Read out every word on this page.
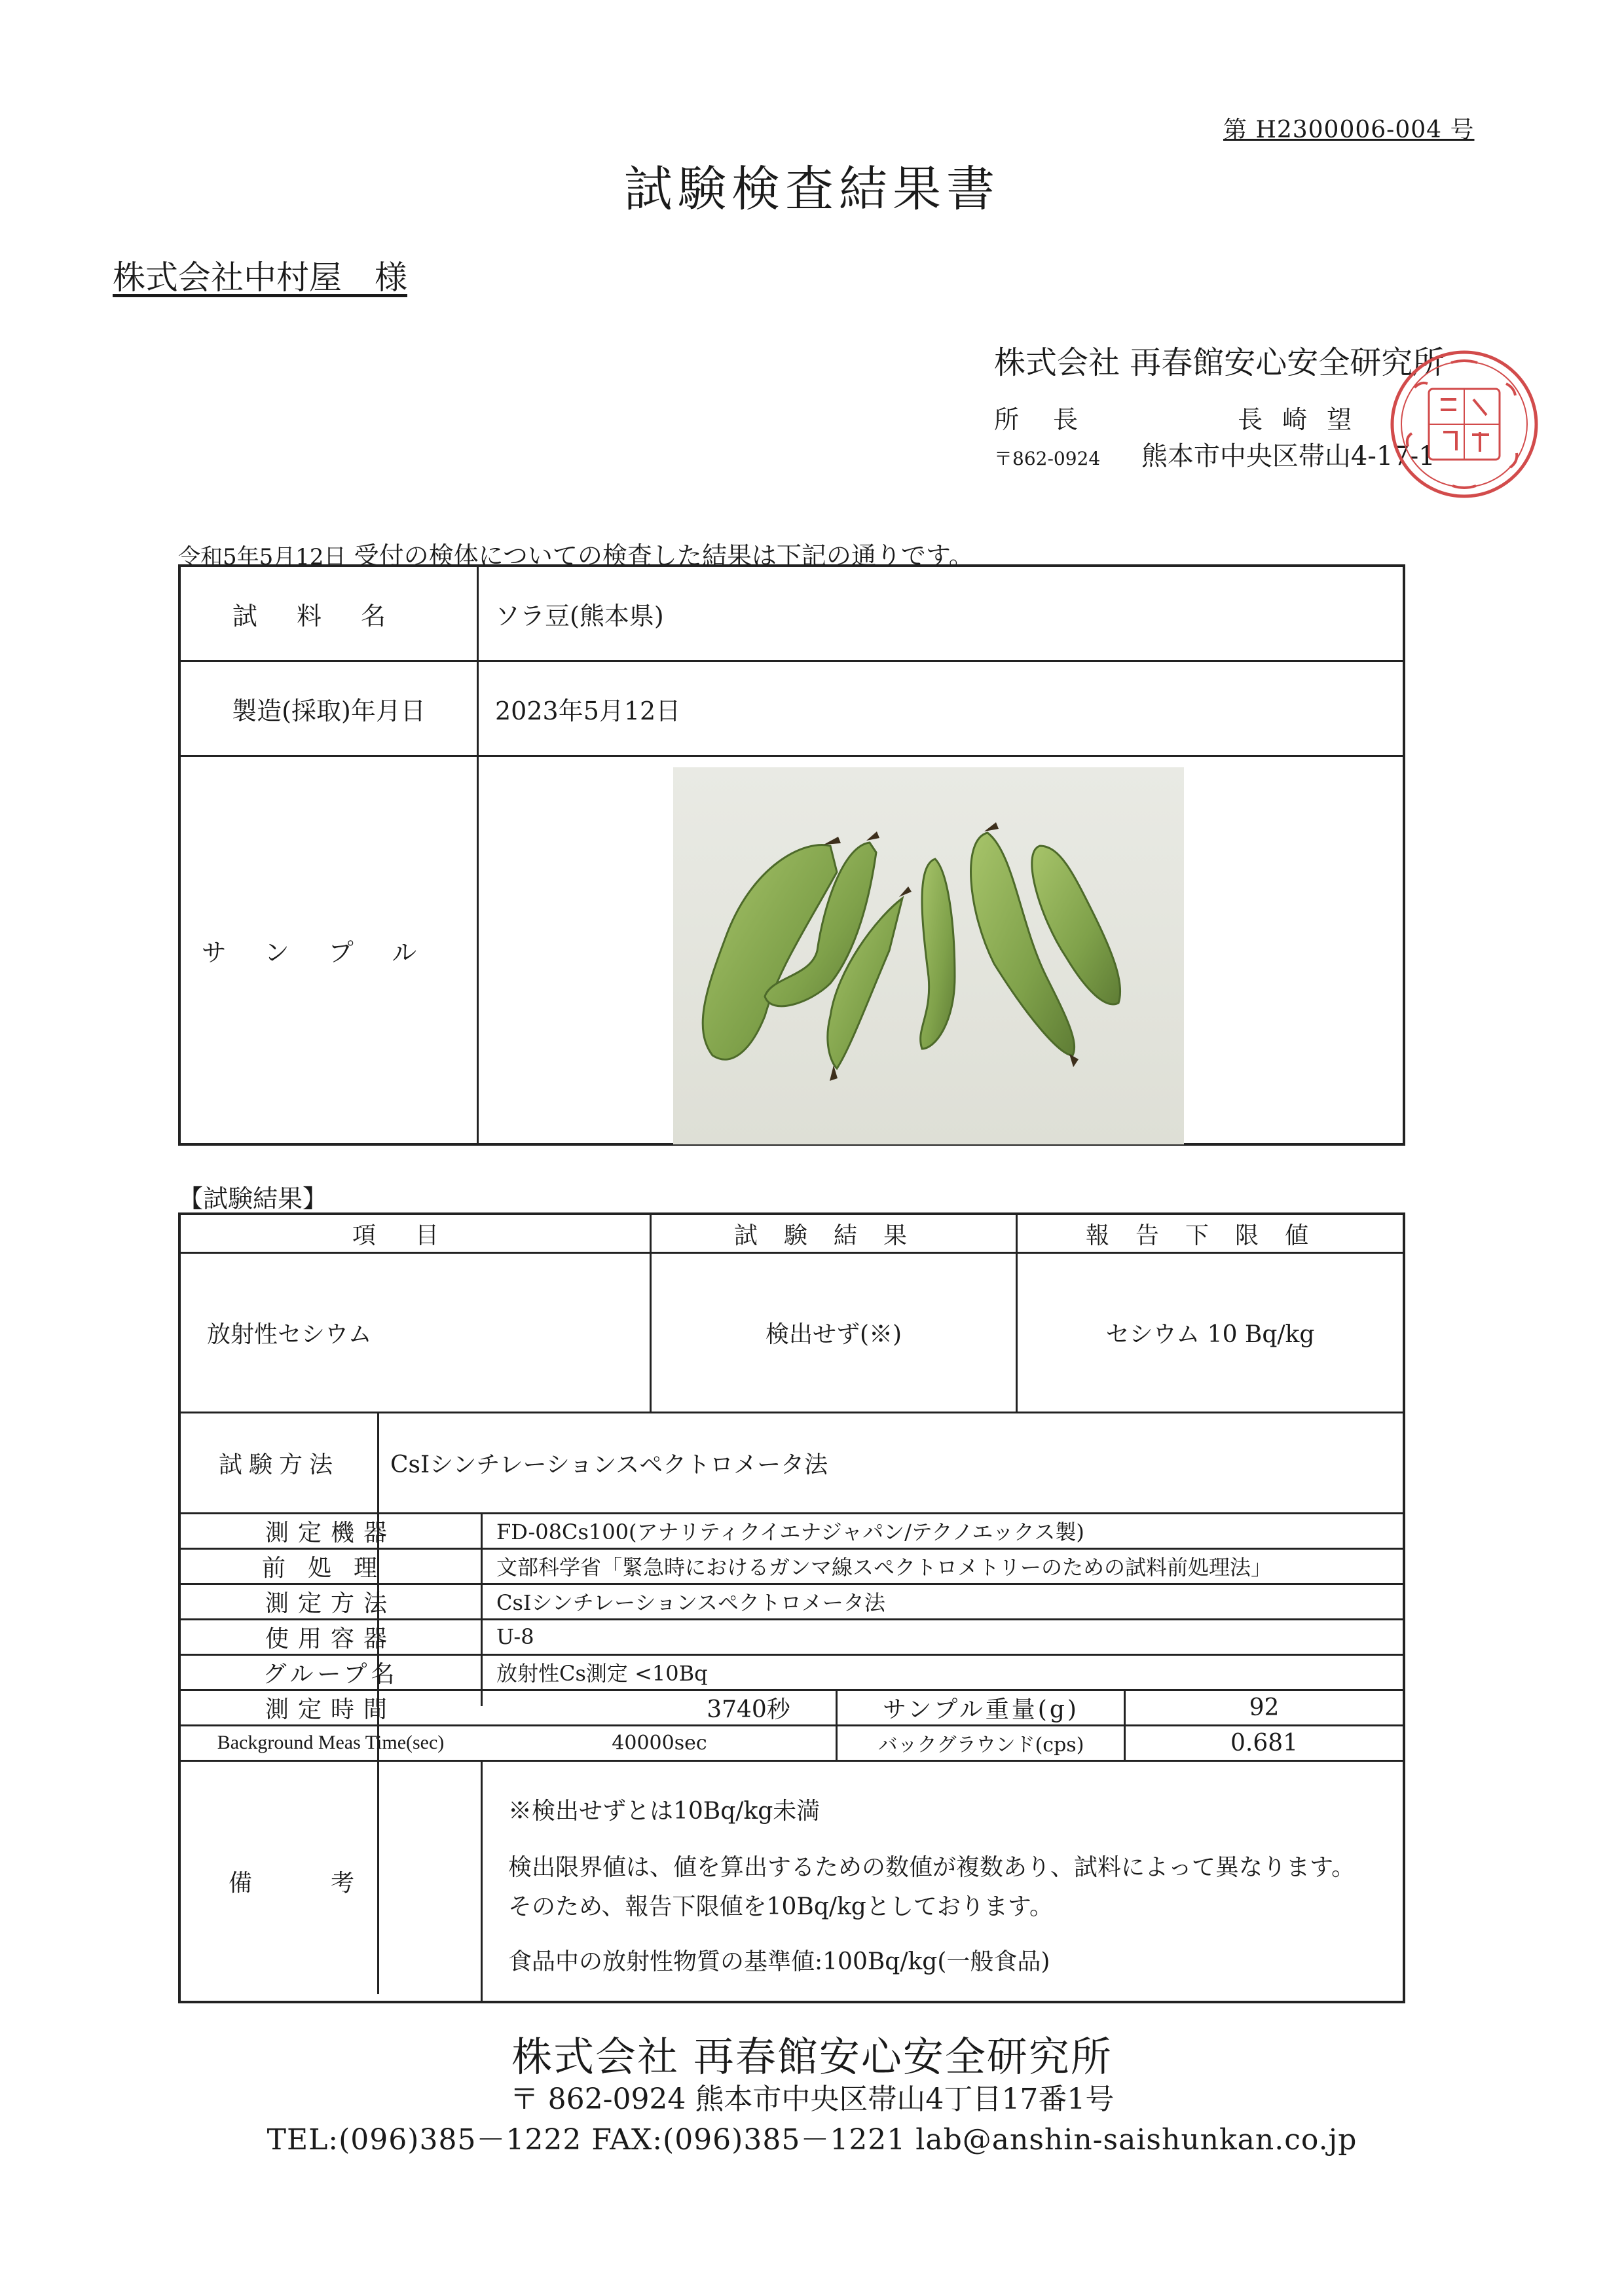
第 H2300006-004 号
試験検査結果書
株式会社中村屋　様
株式会社 再春館安心安全研究所
所長	長崎望
〒862-0924 熊本市中央区帯山4-17-1
令和5年5月12日 受付の検体についての検査した結果は下記の通りです。
試料名	ソラ豆(熊本県)
製造(採取)年月日	2023年5月12日
サンプル
【試験結果】
項目	試験結果	報告下限値
放射性セシウム	検出せず(※)	セシウム 10 Bq/kg
試験方法	CsIシンチレーションスペクトロメータ法
測定機器	FD-08Cs100(アナリティクイエナジャパン/テクノエックス製)
前処理	文部科学省「緊急時におけるガンマ線スペクトロメトリーのための試料前処理法」
測定方法	CsIシンチレーションスペクトロメータ法
使用容器	U-8
グループ名	放射性Cs測定 <10Bq
測定時間	3740秒	サンプル重量(g)	92
Background Meas Time(sec)	40000sec	バックグラウンド(cps)	0.681
備考
※検出せずとは10Bq/kg未満
検出限界値は、値を算出するための数値が複数あり、試料によって異なります。
そのため、報告下限値を10Bq/kgとしております。
食品中の放射性物質の基準値:100Bq/kg(一般食品)
株式会社 再春館安心安全研究所
〒 862-0924 熊本市中央区帯山4丁目17番1号
TEL:(096)385－1222 FAX:(096)385－1221 lab@anshin-saishunkan.co.jp
